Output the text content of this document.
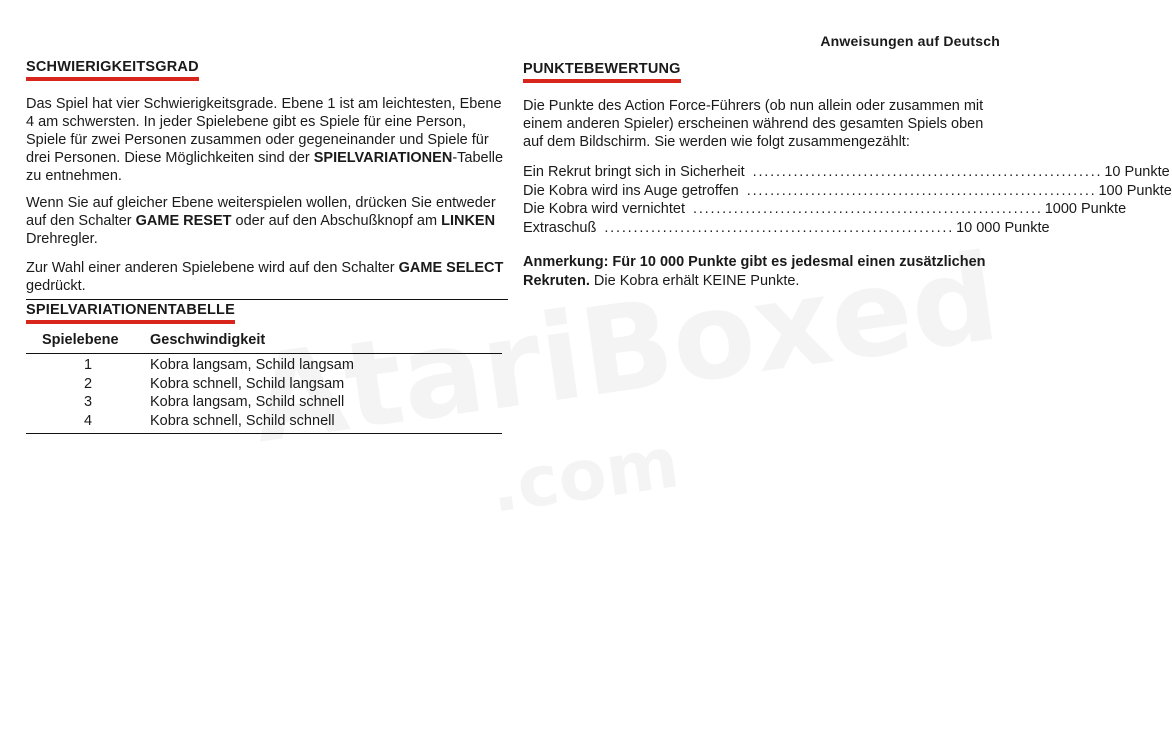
Anweisungen auf Deutsch
SCHWIERIGKEITSGRAD

Das Spiel hat vier Schwierigkeitsgrade. Ebene 1 ist am leichtesten, Ebene 4 am schwersten. In jeder Spielebene gibt es Spiele für eine Person, Spiele für zwei Personen zusammen oder gegeneinander und Spiele für drei Personen. Diese Möglichkeiten sind der SPIELVARIATIONEN-Tabelle zu entnehmen.

Wenn Sie auf gleicher Ebene weiterspielen wollen, drücken Sie entweder auf den Schalter GAME RESET oder auf den Abschußknopf am LINKEN Drehregler.

Zur Wahl einer anderen Spielebene wird auf den Schalter GAME SELECT gedrückt.

SPIELVARIATIONENTABELLE
Spielebene	Geschwindigkeit
1	Kobra langsam, Schild langsam
2	Kobra schnell, Schild langsam
3	Kobra langsam, Schild schnell
4	Kobra schnell, Schild schnell
PUNKTEBEWERTUNG

Die Punkte des Action Force-Führers (ob nun allein oder zusammen mit einem anderen Spieler) erscheinen während des gesamten Spiels oben auf dem Bildschirm. Sie werden wie folgt zusammengezählt:

Ein Rekrut bringt sich in Sicherheit ............................................................ 10 Punkte
Die Kobra wird ins Auge getroffen ............................................................ 100 Punkte
Die Kobra wird vernichtet ............................................................ 1000 Punkte
Extraschuß ............................................................ 10 000 Punkte

Anmerkung: Für 10 000 Punkte gibt es jedesmal einen zusätzlichen Rekruten. Die Kobra erhält KEINE Punkte.
